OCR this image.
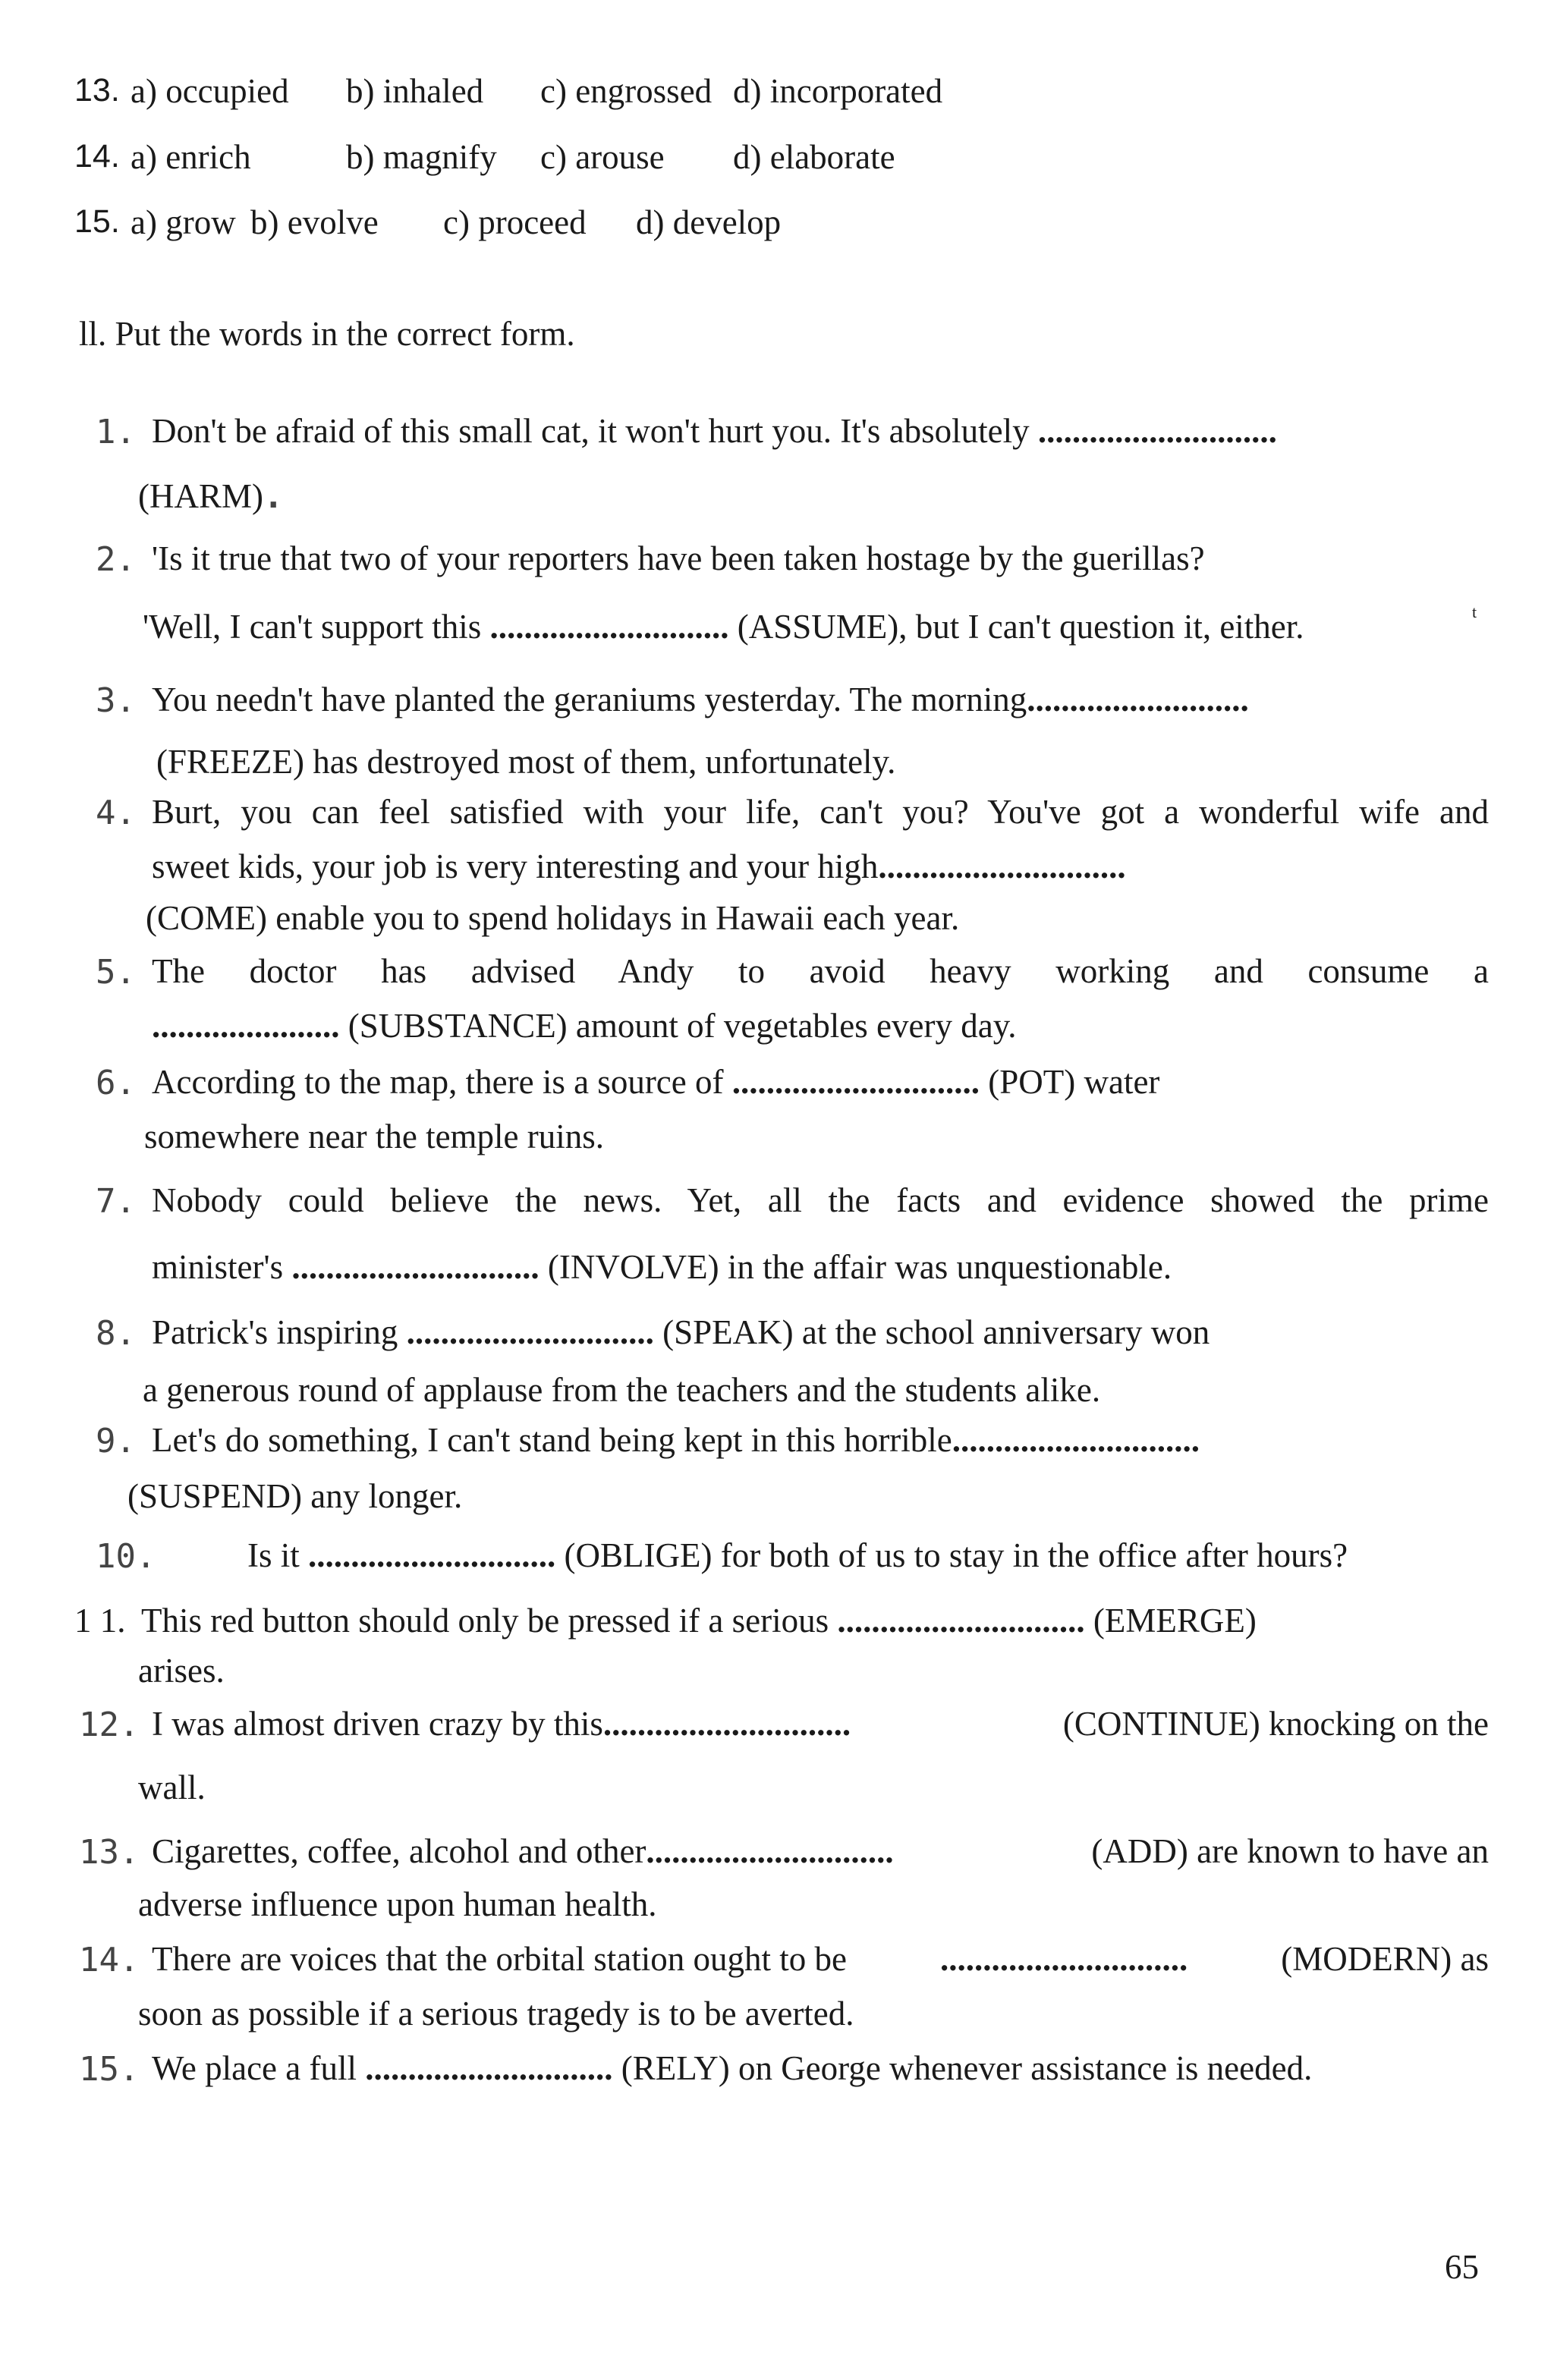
13. a) occupied b) inhaled c) engrossed d) incorporated
14. a) enrich	b) magnify c) arouse d) elaborate
15. a) grow b) evolve c) proceed d) develop
ll. Put the words in the correct form.
1. Don't be afraid of this small cat, it won't hurt you. It's absolutely ............................
(HARM).
2. 'Is it true that two of your reporters have been taken hostage by the guerillas?
'Well, I can't support this ............................ (ASSUME), but I can't question it, either.	t
3. You needn't have planted the geraniums yesterday. The morning..........................
(FREEZE) has destroyed most of them, unfortunately.
4. Burt, you can feel satisfied with your life, can't you? You've got a wonderful wife and
sweet kids, your job is very interesting and your high.............................
(COME) enable you to spend holidays in Hawaii each year.
5. The doctor has advised Andy to avoid heavy working and consume a
...................... (SUBSTANCE) amount of vegetables every day.
6. According to the map, there is a source of ............................. (POT) water
somewhere near the temple ruins.
7. Nobody could believe the news. Yet, all the facts and evidence showed the prime
minister's ............................. (INVOLVE) in the affair was unquestionable.
8. Patrick's inspiring ............................. (SPEAK) at the school anniversary won
a generous round of applause from the teachers and the students alike.
9. Let's do something, I can't stand being kept in this horrible.............................
(SUSPEND) any longer.
10.	Is it ............................. (OBLIGE) for both of us to stay in the office after hours?
1 1. This red button should only be pressed if a serious ............................. (EMERGE)
arises.
12. I was almost driven crazy by this.............................	(CONTINUE) knocking on the
wall.
13. Cigarettes, coffee, alcohol and other.............................	(ADD) are known to have an
adverse influence upon human health.
14. There are voices that the orbital station ought to be	.............................	(MODERN) as
soon as possible if a serious tragedy is to be averted.
15. We place a full ............................. (RELY) on George whenever assistance is needed.
65
